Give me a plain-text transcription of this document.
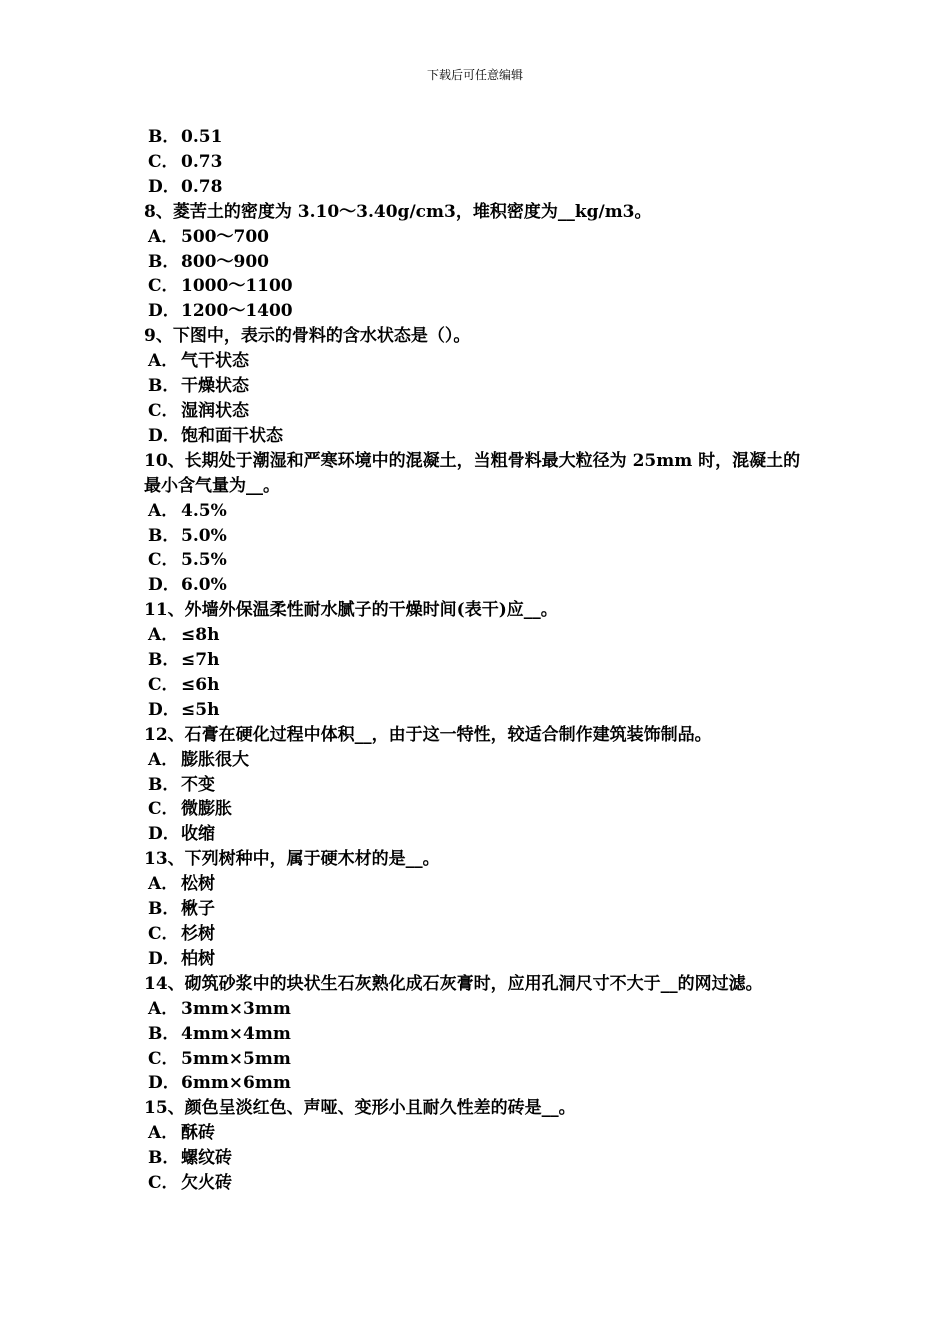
下载后可任意编辑

B．0.51

C． 0.73

D．0.78

8、菱苦土的密度为 3.10～3.40g/cm3，堆积密度为__kg/m3。

A． 500～700

B．800～900

C． 1000～1100

D．1200～1400

9、下图中，表示的骨料的含水状态是（）。

A． 气干状态

B．干燥状态

C． 湿润状态

D．饱和面干状态

10、长期处于潮湿和严寒环境中的混凝土，当粗骨料最大粒径为 25mm 时，混凝土的最小含气量为__。

A． 4.5%

B．5.0%

C． 5.5%

D．6.0%

11、外墙外保温柔性耐水腻子的干燥时间(表干)应__。

A． ≤8h

B．≤7h

C． ≤6h

D．≤5h

12、石膏在硬化过程中体积__，由于这一特性，较适合制作建筑装饰制品。

A． 膨胀很大

B．不变

C． 微膨胀

D．收缩

13、下列树种中，属于硬木材的是__。

A． 松树

B．楸子

C． 杉树

D．柏树

14、砌筑砂浆中的块状生石灰熟化成石灰膏时，应用孔洞尺寸不大于__的网过滤。

A． 3mm×3mm

B．4mm×4mm

C． 5mm×5mm

D．6mm×6mm

15、颜色呈淡红色、声哑、变形小且耐久性差的砖是__。

A． 酥砖

B．螺纹砖

C． 欠火砖
